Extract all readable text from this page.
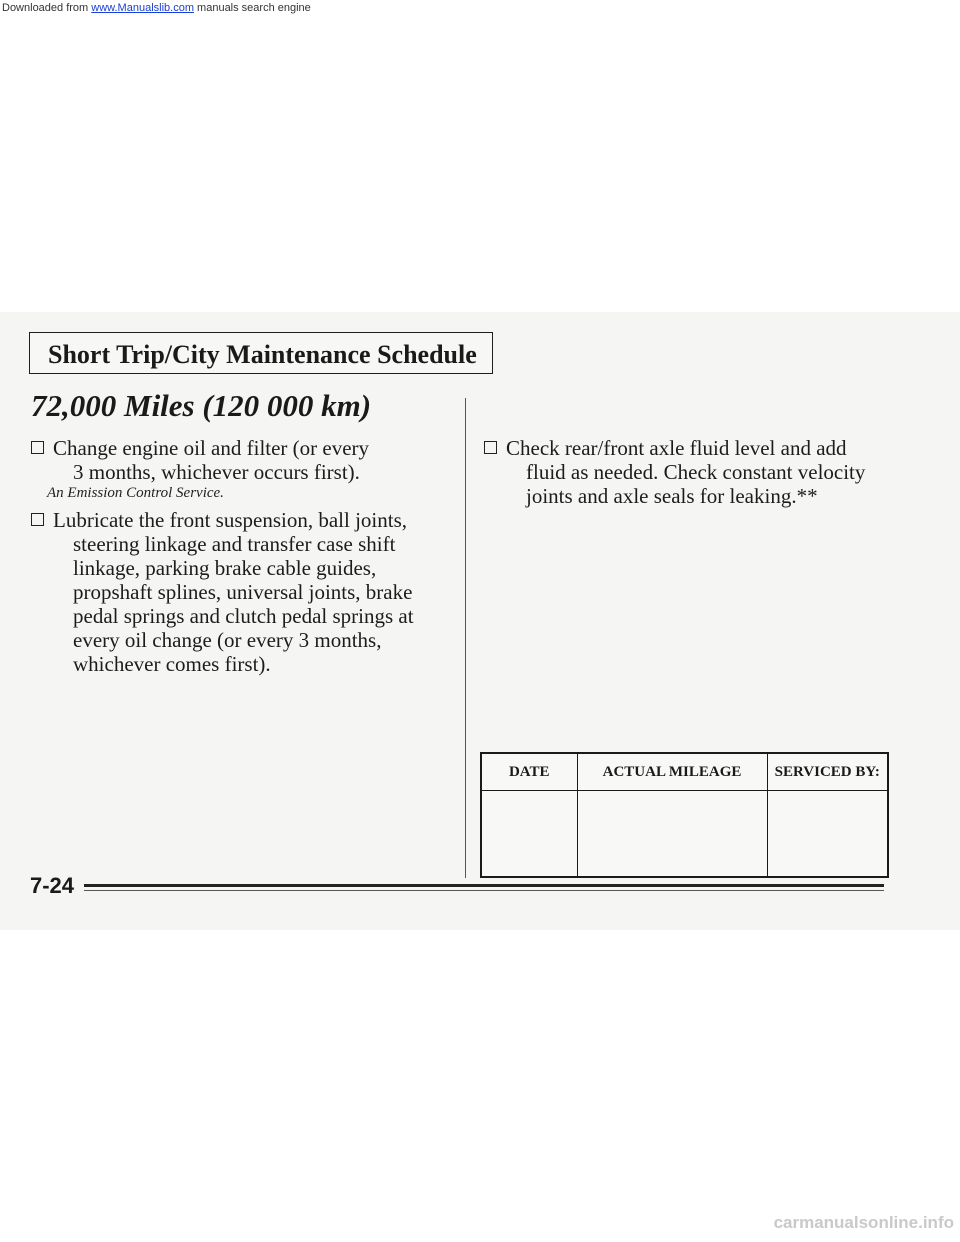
Downloaded from www.Manualslib.com manuals search engine
Short Trip/City Maintenance Schedule
72,000 Miles (120 000 km)
Change engine oil and filter (or every
3 months, whichever occurs first).
An Emission Control Service.
Lubricate the front suspension, ball joints,
steering linkage and transfer case shift
linkage, parking brake cable guides,
propshaft splines, universal joints, brake
pedal springs and clutch pedal springs at
every oil change (or every 3 months,
whichever comes first).
Check rear/front axle fluid level and add
fluid as needed. Check constant velocity
joints and axle seals for leaking.**
DATE	ACTUAL MILEAGE	SERVICED BY:

7-24
carmanualsonline.info
